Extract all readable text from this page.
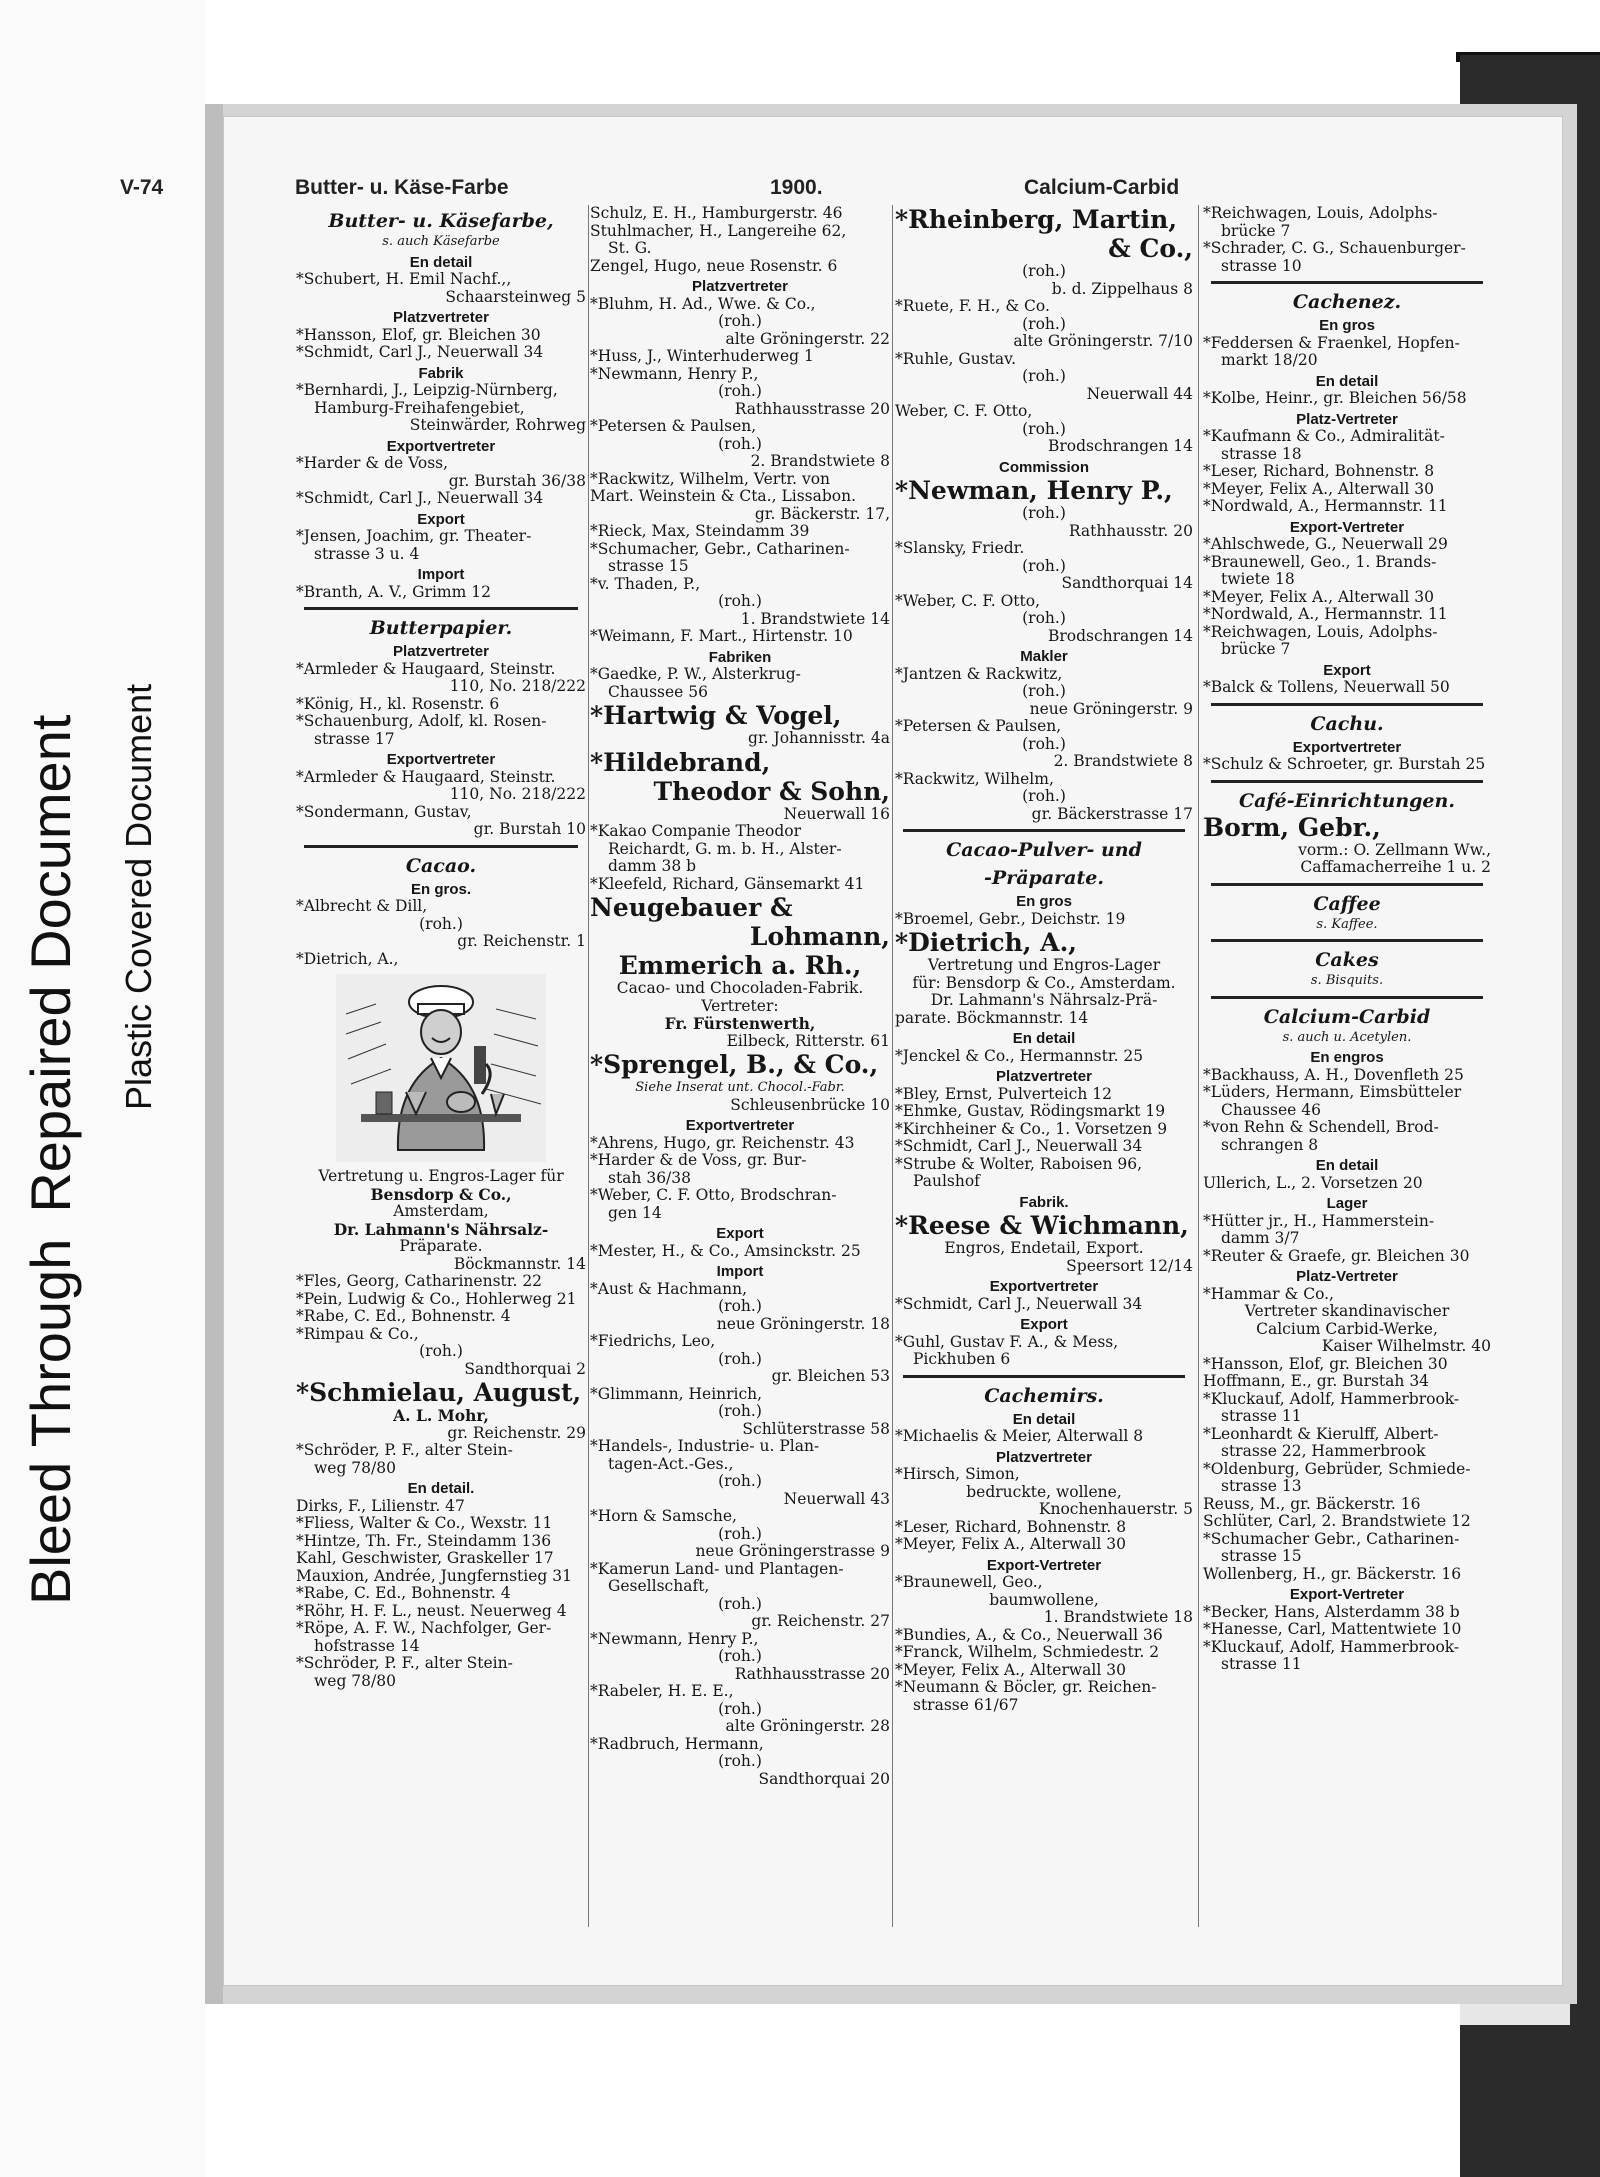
Bleed ThroughRepaired Document Plastic Covered Document
V-74	Butter- u. Käse-Farbe	1900.	Calcium-Carbid
Butter- u. Käsefarbe,
s. auch Käsefarbe
En detail
*Schubert, H. Emil Nachf.,,
Schaarsteinweg 5
Platzvertreter
*Hansson, Elof, gr. Bleichen 30
*Schmidt, Carl J., Neuerwall 34
Fabrik
*Bernhardi, J., Leipzig-Nürnberg,
Hamburg-Freihafengebiet,
Steinwärder, Rohrweg
Exportvertreter
*Harder & de Voss,
gr. Burstah 36/38
*Schmidt, Carl J., Neuerwall 34
Export
*Jensen, Joachim, gr. Theater-
strasse 3 u. 4
Import
*Branth, A. V., Grimm 12
Butterpapier.
Platzvertreter
*Armleder & Haugaard, Steinstr.
110, No. 218/222
*König, H., kl. Rosenstr. 6
*Schauenburg, Adolf, kl. Rosen-
strasse 17
Exportvertreter
*Armleder & Haugaard, Steinstr.
110, No. 218/222
*Sondermann, Gustav,
gr. Burstah 10
Cacao.
En gros.
*Albrecht & Dill,
(roh.)
gr. Reichenstr. 1
*Dietrich, A.,
Vertretung u. Engros-Lager für
Bensdorp & Co.,
Amsterdam,
Dr. Lahmann's Nährsalz-
Präparate.
Böckmannstr. 14
*Fles, Georg, Catharinenstr. 22
*Pein, Ludwig & Co., Hohlerweg 21
*Rabe, C. Ed., Bohnenstr. 4
*Rimpau & Co.,
(roh.)
Sandthorquai 2
*Schmielau, August,
A. L. Mohr,
gr. Reichenstr. 29
*Schröder, P. F., alter Stein-
weg 78/80
En detail.
Dirks, F., Lilienstr. 47
*Fliess, Walter & Co., Wexstr. 11
*Hintze, Th. Fr., Steindamm 136
Kahl, Geschwister, Graskeller 17
Mauxion, Andrée, Jungfernstieg 31
*Rabe, C. Ed., Bohnenstr. 4
*Röhr, H. F. L., neust. Neuerweg 4
*Röpe, A. F. W., Nachfolger, Ger-
hofstrasse 14
*Schröder, P. F., alter Stein-
weg 78/80
Schulz, E. H., Hamburgerstr. 46
Stuhlmacher, H., Langereihe 62,
St. G.
Zengel, Hugo, neue Rosenstr. 6
Platzvertreter
*Bluhm, H. Ad., Wwe. & Co.,
(roh.)
alte Gröningerstr. 22
*Huss, J., Winterhuderweg 1
*Newmann, Henry P.,
(roh.)
Rathhausstrasse 20
*Petersen & Paulsen,
(roh.)
2. Brandstwiete 8
*Rackwitz, Wilhelm, Vertr. von
Mart. Weinstein & Cta., Lissabon.
gr. Bäckerstr. 17,
*Rieck, Max, Steindamm 39
*Schumacher, Gebr., Catharinen-
strasse 15
*v. Thaden, P.,
(roh.)
1. Brandstwiete 14
*Weimann, F. Mart., Hirtenstr. 10
Fabriken
*Gaedke, P. W., Alsterkrug-
Chaussee 56
*Hartwig & Vogel,
gr. Johannisstr. 4a
*Hildebrand,
Theodor & Sohn,
Neuerwall 16
*Kakao Companie Theodor
Reichardt, G. m. b. H., Alster-
damm 38 b
*Kleefeld, Richard, Gänsemarkt 41
Neugebauer &
Lohmann,
Emmerich a. Rh.,
Cacao- und Chocoladen-Fabrik.
Vertreter:
Fr. Fürstenwerth,
Eilbeck, Ritterstr. 61
*Sprengel, B., & Co.,
Siehe Inserat unt. Chocol.-Fabr.
Schleusenbrücke 10
Exportvertreter
*Ahrens, Hugo, gr. Reichenstr. 43
*Harder & de Voss, gr. Bur-
stah 36/38
*Weber, C. F. Otto, Brodschran-
gen 14
Export
*Mester, H., & Co., Amsinckstr. 25
Import
*Aust & Hachmann,
(roh.)
neue Gröningerstr. 18
*Fiedrichs, Leo,
(roh.)
gr. Bleichen 53
*Glimmann, Heinrich,
(roh.)
Schlüterstrasse 58
*Handels-, Industrie- u. Plan-
tagen-Act.-Ges.,
(roh.)
Neuerwall 43
*Horn & Samsche,
(roh.)
neue Gröningerstrasse 9
*Kamerun Land- und Plantagen-
Gesellschaft,
(roh.)
gr. Reichenstr. 27
*Newmann, Henry P.,
(roh.)
Rathhausstrasse 20
*Rabeler, H. E. E.,
(roh.)
alte Gröningerstr. 28
*Radbruch, Hermann,
(roh.)
Sandthorquai 20
*Rheinberg, Martin,
& Co.,
(roh.)
b. d. Zippelhaus 8
*Ruete, F. H., & Co.
(roh.)
alte Gröningerstr. 7/10
*Ruhle, Gustav.
(roh.)
Neuerwall 44
Weber, C. F. Otto,
(roh.)
Brodschrangen 14
Commission
*Newman, Henry P.,
(roh.)
Rathhausstr. 20
*Slansky, Friedr.
(roh.)
Sandthorquai 14
*Weber, C. F. Otto,
(roh.)
Brodschrangen 14
Makler
*Jantzen & Rackwitz,
(roh.)
neue Gröningerstr. 9
*Petersen & Paulsen,
(roh.)
2. Brandstwiete 8
*Rackwitz, Wilhelm,
(roh.)
gr. Bäckerstrasse 17
Cacao-Pulver- und
-Präparate.
En gros
*Broemel, Gebr., Deichstr. 19
*Dietrich, A.,
Vertretung und Engros-Lager
für: Bensdorp & Co., Amsterdam.
Dr. Lahmann's Nährsalz-Prä-
parate. Böckmannstr. 14
En detail
*Jenckel & Co., Hermannstr. 25
Platzvertreter
*Bley, Ernst, Pulverteich 12
*Ehmke, Gustav, Rödingsmarkt 19
*Kirchheiner & Co., 1. Vorsetzen 9
*Schmidt, Carl J., Neuerwall 34
*Strube & Wolter, Raboisen 96,
Paulshof
Fabrik.
*Reese & Wichmann,
Engros, Endetail, Export.
Speersort 12/14
Exportvertreter
*Schmidt, Carl J., Neuerwall 34
Export
*Guhl, Gustav F. A., & Mess,
Pickhuben 6
Cachemirs.
En detail
*Michaelis & Meier, Alterwall 8
Platzvertreter
*Hirsch, Simon,
bedruckte, wollene,
Knochenhauerstr. 5
*Leser, Richard, Bohnenstr. 8
*Meyer, Felix A., Alterwall 30
Export-Vertreter
*Braunewell, Geo.,
baumwollene,
1. Brandstwiete 18
*Bundies, A., & Co., Neuerwall 36
*Franck, Wilhelm, Schmiedestr. 2
*Meyer, Felix A., Alterwall 30
*Neumann & Böcler, gr. Reichen-
strasse 61/67
*Reichwagen, Louis, Adolphs-
brücke 7
*Schrader, C. G., Schauenburger-
strasse 10
Cachenez.
En gros
*Feddersen & Fraenkel, Hopfen-
markt 18/20
En detail
*Kolbe, Heinr., gr. Bleichen 56/58
Platz-Vertreter
*Kaufmann & Co., Admiralität-
strasse 18
*Leser, Richard, Bohnenstr. 8
*Meyer, Felix A., Alterwall 30
*Nordwald, A., Hermannstr. 11
Export-Vertreter
*Ahlschwede, G., Neuerwall 29
*Braunewell, Geo., 1. Brands-
twiete 18
*Meyer, Felix A., Alterwall 30
*Nordwald, A., Hermannstr. 11
*Reichwagen, Louis, Adolphs-
brücke 7
Export
*Balck & Tollens, Neuerwall 50
Cachu.
Exportvertreter
*Schulz & Schroeter, gr. Burstah 25
Café-Einrichtungen.
Borm, Gebr.,
vorm.: O. Zellmann Ww.,
Caffamacherreihe 1 u. 2
Caffee
s. Kaffee.
Cakes
s. Bisquits.
Calcium-Carbid
s. auch u. Acetylen.
En engros
*Backhauss, A. H., Dovenfleth 25
*Lüders, Hermann, Eimsbütteler
Chaussee 46
*von Rehn & Schendell, Brod-
schrangen 8
En detail
Ullerich, L., 2. Vorsetzen 20
Lager
*Hütter jr., H., Hammerstein-
damm 3/7
*Reuter & Graefe, gr. Bleichen 30
Platz-Vertreter
*Hammar & Co.,
Vertreter skandinavischer
Calcium Carbid-Werke,
Kaiser Wilhelmstr. 40
*Hansson, Elof, gr. Bleichen 30
Hoffmann, E., gr. Burstah 34
*Kluckauf, Adolf, Hammerbrook-
strasse 11
*Leonhardt & Kierulff, Albert-
strasse 22, Hammerbrook
*Oldenburg, Gebrüder, Schmiede-
strasse 13
Reuss, M., gr. Bäckerstr. 16
Schlüter, Carl, 2. Brandstwiete 12
*Schumacher Gebr., Catharinen-
strasse 15
Wollenberg, H., gr. Bäckerstr. 16
Export-Vertreter
*Becker, Hans, Alsterdamm 38 b
*Hanesse, Carl, Mattentwiete 10
*Kluckauf, Adolf, Hammerbrook-
strasse 11
